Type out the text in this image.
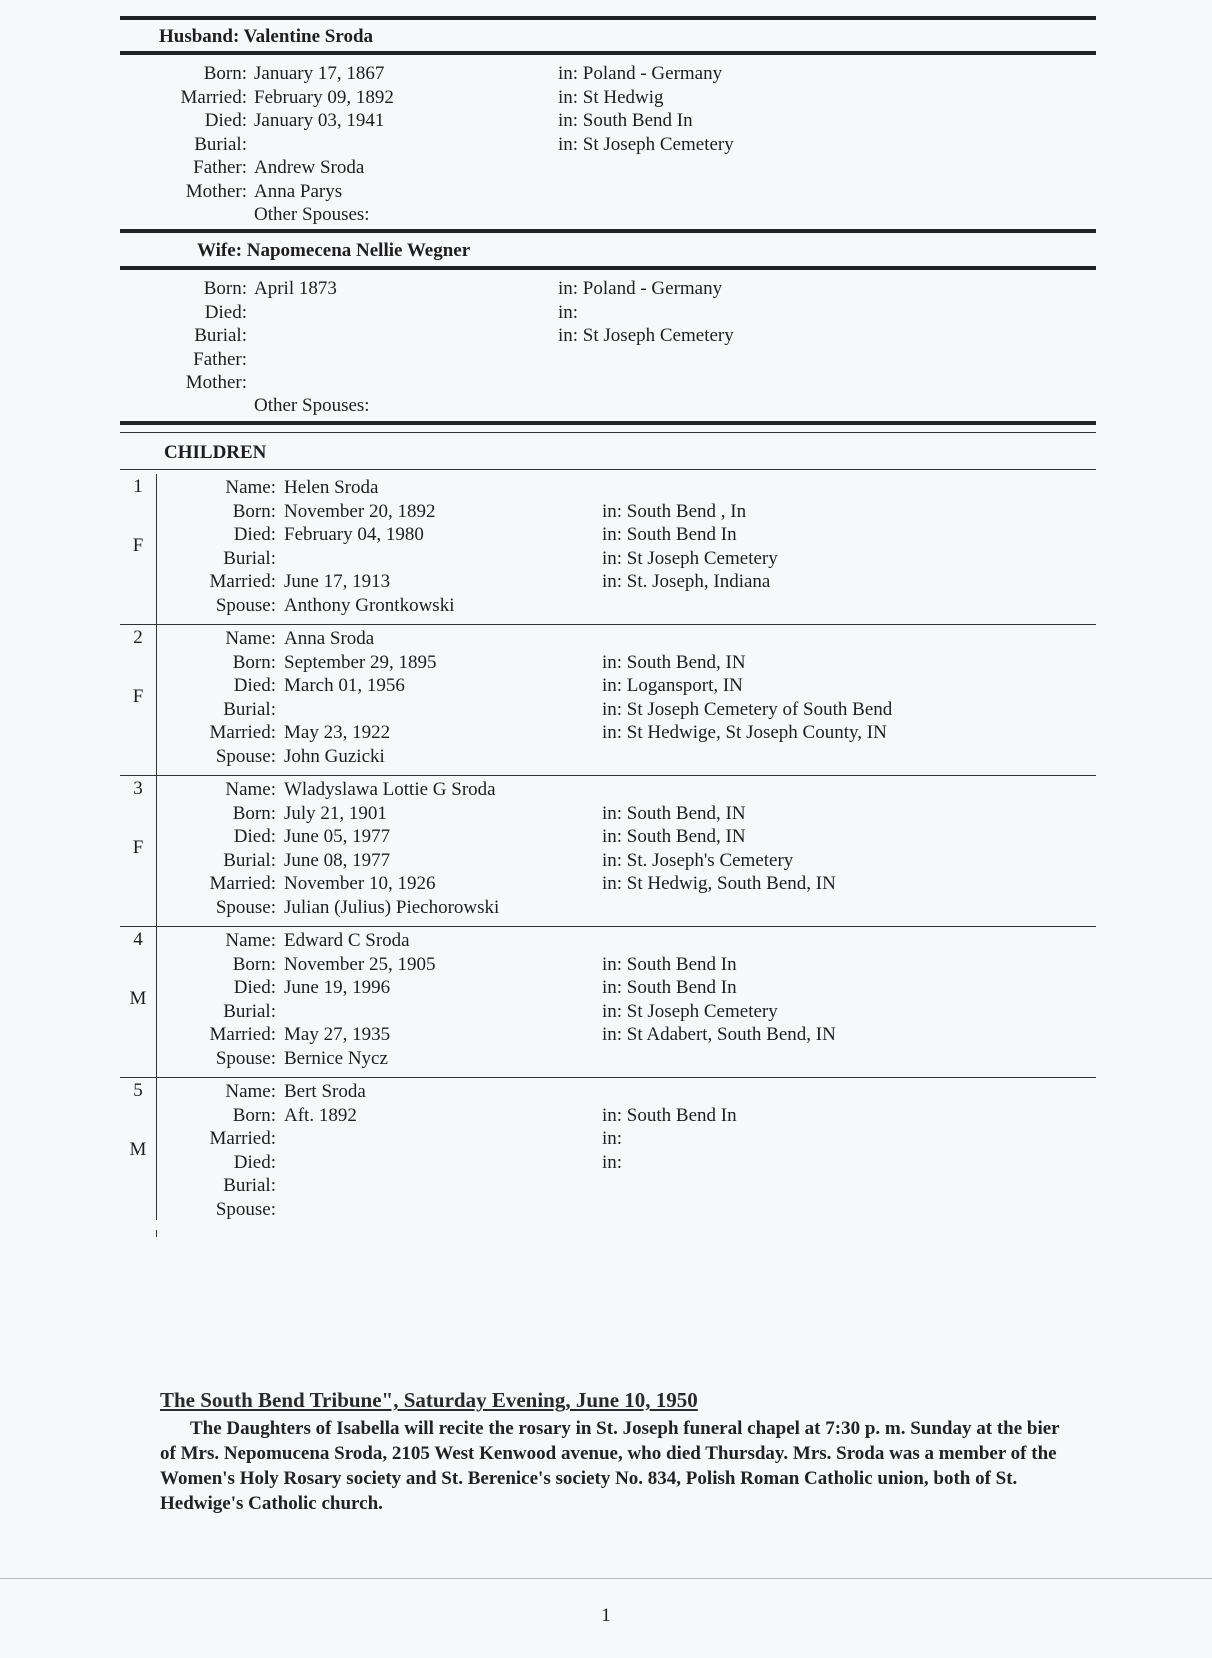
Husband: Valentine Sroda
Born: January 17, 1867	in: Poland - Germany
Married: February 09, 1892	in: St Hedwig
Died: January 03, 1941	in: South Bend In
Burial:	in: St Joseph Cemetery
Father: Andrew Sroda
Mother: Anna Parys
Other Spouses:
Wife: Napomecena Nellie Wegner
Born: April 1873	in: Poland - Germany
Died:	in:
Burial:	in: St Joseph Cemetery
Father:
Mother:
Other Spouses:
CHILDREN
1
F
Name: Helen Sroda
Born: November 20, 1892	in: South Bend , In
Died: February 04, 1980	in: South Bend In
Burial:	in: St Joseph Cemetery
Married: June 17, 1913	in: St. Joseph, Indiana
Spouse: Anthony Grontkowski
2
F
Name: Anna Sroda
Born: September 29, 1895	in: South Bend, IN
Died: March 01, 1956	in: Logansport, IN
Burial:	in: St Joseph Cemetery of South Bend
Married: May 23, 1922	in: St Hedwige, St Joseph County, IN
Spouse: John Guzicki
3
F
Name: Wladyslawa Lottie G Sroda
Born: July 21, 1901	in: South Bend, IN
Died: June 05, 1977	in: South Bend, IN
Burial: June 08, 1977	in: St. Joseph's Cemetery
Married: November 10, 1926	in: St Hedwig, South Bend, IN
Spouse: Julian (Julius) Piechorowski
4
M
Name: Edward C Sroda
Born: November 25, 1905	in: South Bend In
Died: June 19, 1996	in: South Bend In
Burial:	in: St Joseph Cemetery
Married: May 27, 1935	in: St Adabert, South Bend, IN
Spouse: Bernice Nycz
5
M
Name: Bert Sroda
Born: Aft. 1892	in: South Bend In
Married:	in:
Died:	in:
Burial:
Spouse:
The South Bend Tribune", Saturday Evening, June 10, 1950
The Daughters of Isabella will recite the rosary in St. Joseph funeral chapel at 7:30 p. m. Sunday at the bier of Mrs. Nepomucena Sroda, 2105 West Kenwood avenue, who died Thursday. Mrs. Sroda was a member of the Women's Holy Rosary society and St. Berenice's society No. 834, Polish Roman Catholic union, both of St. Hedwige's Catholic church.
1
